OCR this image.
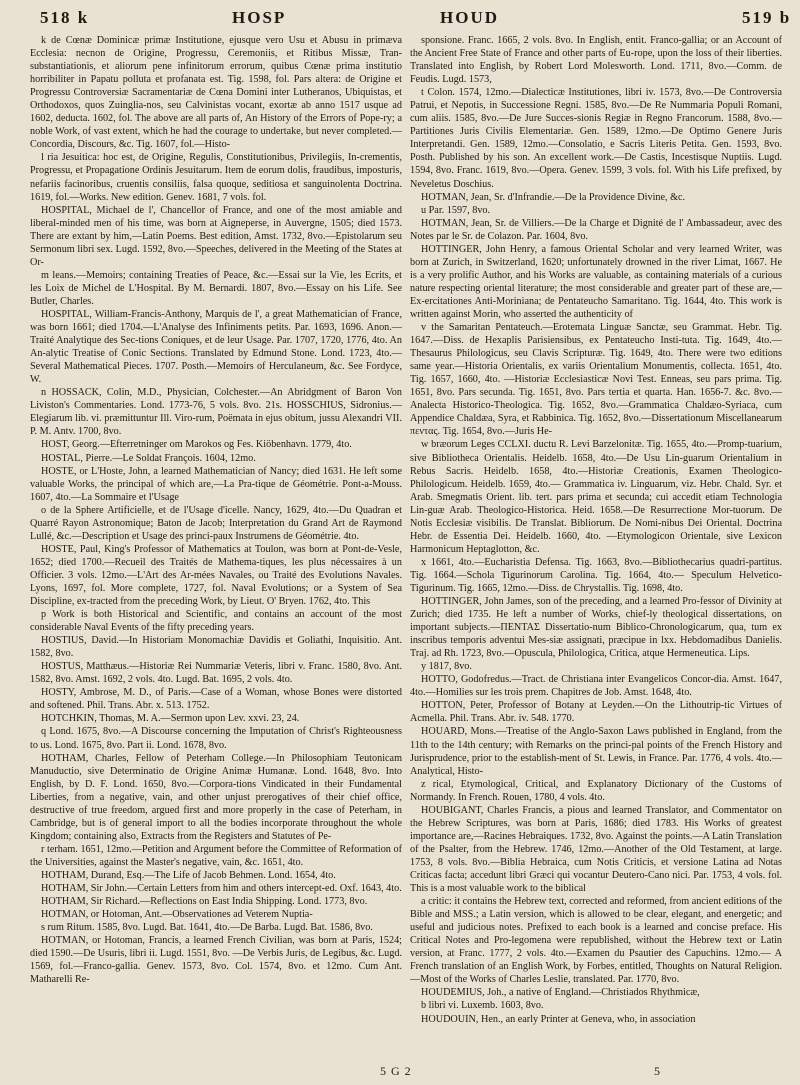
518 k	HOSP	HOUD	519 b

k de Cœnæ Dominicæ primæ Institutione, ejusque vero Usu et Abusu in primæva Ecclesia: necnon de Origine, Progressu, Ceremoniis, et Ritibus Missæ, Tran-substantiationis, et aliorum pene infinitorum errorum, quibus Cœnæ prima institutio horribiliter in Papatu polluta et profanata est. Tig. 1598, fol. Pars altera: de Origine et Progressu Controversiæ Sacramentariæ de Cœna Domini inter Lutheranos, Ubiquistas, et Orthodoxos, quos Zuinglia-nos, seu Calvinistas vocant, exortæ ab anno 1517 usque ad 1602, deducta. 1602, fol. The above are all parts of, An History of the Errors of Pope-ry; a noble Work, of vast extent, which he had the courage to undertake, but never completed.—Concordia, Discours, &c. Tig. 1607, fol.—Histo-

l ria Jesuitica: hoc est, de Origine, Regulis, Constitutionibus, Privilegiis, In-crementis, Progressu, et Propagatione Ordinis Jesuitarum. Item de eorum dolis, fraudibus, imposturis, nefariis facinoribus, cruentis consiliis, falsa quoque, seditiosa et sanguinolenta Doctrina. 1619, fol.—Works. New edition. Genev. 1681, 7 vols. fol.

HOSPITAL, Michael de l', Chancellor of France, and one of the most amiable and liberal-minded men of his time, was born at Aigneperse, in Auvergne, 1505; died 1573. There are extant by him,—Latin Poems. Best edition, Amst. 1732, 8vo.—Epistolarum seu Sermonum libri sex. Lugd. 1592, 8vo.—Speeches, delivered in the Meeting of the States at Or-

m leans.—Memoirs; containing Treaties of Peace, &c.—Essai sur la Vie, les Ecrits, et les Loix de Michel de L'Hospital. By M. Bernardi. 1807, 8vo.—Essay on his Life. See Butler, Charles.

HOSPITAL, William-Francis-Anthony, Marquis de l', a great Mathematician of France, was born 1661; died 1704.—L'Analyse des Infiniments petits. Par. 1693, 1696. Anon.—Traité Analytique des Sec-tions Coniques, et de leur Usage. Par. 1707, 1720, 1776, 4to. An An-alytic Treatise of Conic Sections. Translated by Edmund Stone. Lond. 1723, 4to.—Several Mathematical Pieces. 1707. Posth.—Memoirs of Herculaneum, &c. See Fordyce, W.

n HOSSACK, Colin, M.D., Physician, Colchester.—An Abridgment of Baron Von Liviston's Commentaries. Lond. 1773-76, 5 vols. 8vo. 21s. HOSSCHIUS, Sidronius.—Elegiarum lib. vi. præmittuntur Ill. Viro-rum, Poëmata in ejus obitum, jussu Alexandri VII. P. M. Antv. 1700, 8vo.

HOST, Georg.—Efterretninger om Marokos og Fes. Kiöbenhavn. 1779, 4to.

HOSTAL, Pierre.—Le Soldat François. 1604, 12mo.

HOSTE, or L'Hoste, John, a learned Mathematician of Nancy; died 1631. He left some valuable Works, the principal of which are,—La Pra-tique de Géométrie. Pont-a-Mouss. 1607, 4to.—La Sommaire et l'Usage

o de la Sphere Artificielle, et de l'Usage d'icelle. Nancy, 1629, 4to.—Du Quadran et Quarré Rayon Astronomique; Baton de Jacob; Interpretation du Grand Art de Raymond Lullé, &c.—Description et Usage des princi-paux Instrumens de Géométrie. 4to.

HOSTE, Paul, King's Professor of Mathematics at Toulon, was born at Pont-de-Vesle, 1652; died 1700.—Recueil des Traités de Mathema-tiques, les plus nécessaires à un Officier. 3 vols. 12mo.—L'Art des Ar-mées Navales, ou Traité des Evolutions Navales. Lyons, 1697, fol. More complete, 1727, fol. Naval Evolutions; or a System of Sea Discipline, ex-tracted from the preceding Work, by Lieut. O' Bryen. 1762, 4to. This

p Work is both Historical and Scientific, and contains an account of the most considerable Naval Events of the fifty preceding years.

HOSTIUS, David.—In Historiam Monomachiæ Davidis et Goliathi, Inquisitio. Ant. 1582, 8vo.

HOSTUS, Matthæus.—Historiæ Rei Nummariæ Veteris, libri v. Franc. 1580, 8vo. Ant. 1582, 8vo. Amst. 1692, 2 vols. 4to. Lugd. Bat. 1695, 2 vols. 4to.

HOSTY, Ambrose, M. D., of Paris.—Case of a Woman, whose Bones were distorted and softened. Phil. Trans. Abr. x. 513. 1752.

HOTCHKIN, Thomas, M. A.—Sermon upon Lev. xxvi. 23, 24.

q Lond. 1675, 8vo.—A Discourse concerning the Imputation of Christ's Righteousness to us. Lond. 1675, 8vo. Part ii. Lond. 1678, 8vo.

HOTHAM, Charles, Fellow of Peterham College.—In Philosophiam Teutonicam Manuductio, sive Determinatio de Origine Animæ Humanæ. Lond. 1648, 8vo. Into English, by D. F. Lond. 1650, 8vo.—Corpora-tions Vindicated in their Fundamental Liberties, from a negative, vain, and other unjust prerogatives of their chief office, destructive of true freedom, argued first and more properly in the case of Peterham, in Cambridge, but is of general import to all the bodies incorporate throughout the whole Kingdom; containing also, Extracts from the Registers and Statutes of Pe-

r terham. 1651, 12mo.—Petition and Argument before the Committee of Reformation of the Universities, against the Master's negative, vain, &c. 1651, 4to.

HOTHAM, Durand, Esq.—The Life of Jacob Behmen. Lond. 1654, 4to.

HOTHAM, Sir John.—Certain Letters from him and others intercept-ed. Oxf. 1643, 4to.

HOTHAM, Sir Richard.—Reflections on East India Shipping. Lond. 1773, 8vo.

HOTMAN, or Hotoman, Ant.—Observationes ad Veterem Nuptia-

s rum Ritum. 1585, 8vo. Lugd. Bat. 1641, 4to.—De Barba. Lugd. Bat. 1586, 8vo.

HOTMAN, or Hotoman, Francis, a learned French Civilian, was born at Paris, 1524; died 1590.—De Usuris, libri ii. Lugd. 1551, 8vo. —De Verbis Juris, de Legibus, &c. Lugd. 1569, fol.—Franco-gallia. Genev. 1573, 8vo. Col. 1574, 8vo. et 12mo. Cum Ant. Matharelli Re-

sponsione. Franc. 1665, 2 vols. 8vo. In English, entit. Franco-gallia; or an Account of the Ancient Free State of France and other parts of Eu-rope, upon the loss of their liberties. Translated into English, by Robert Lord Molesworth. Lond. 1711, 8vo.—Comm. de Feudis. Lugd. 1573,

t Colon. 1574, 12mo.—Dialecticæ Institutiones, libri iv. 1573, 8vo.—De Controversia Patrui, et Nepotis, in Successione Regni. 1585, 8vo.—De Re Nummaria Populi Romani, cum aliis. 1585, 8vo.—De Jure Succes-sionis Regiæ in Regno Francorum. 1588, 8vo.—Partitiones Juris Civilis Elementariæ. Gen. 1589, 12mo.—De Optimo Genere Juris Interpretandi. Gen. 1589, 12mo.—Consolatio, e Sacris Literis Petita. Gen. 1593, 8vo. Posth. Published by his son. An excellent work.—De Castis, Incestisque Nuptiis. Lugd. 1594, 8vo. Franc. 1619, 8vo.—Opera. Genev. 1599, 3 vols. fol. With his Life prefixed, by Neveletus Doschius.

HOTMAN, Jean, Sr. d'Infrandie.—De la Providence Divine, &c.

u Par. 1597, 8vo.

HOTMAN, Jean, Sr. de Villiers.—De la Charge et Dignité de l' Ambassadeur, avec des Notes par le Sr. de Colazon. Par. 1604, 8vo.

HOTTINGER, John Henry, a famous Oriental Scholar and very learned Writer, was born at Zurich, in Switzerland, 1620; unfortunately drowned in the river Limat, 1667. He is a very prolific Author, and his Works are valuable, as containing materials of a curious nature respecting oriental literature; the most considerable and greater part of these are,—Ex-ercitationes Anti-Moriniana; de Pentateucho Samaritano. Tig. 1644, 4to. This work is written against Morin, who asserted the authenticity of

v the Samaritan Pentateuch.—Erotemata Linguæ Sanctæ, seu Grammat. Hebr. Tig. 1647.—Diss. de Hexaplis Parisiensibus, ex Pentateucho Insti-tuta. Tig. 1649, 4to.—Thesaurus Philologicus, seu Clavis Scripturæ. Tig. 1649, 4to. There were two editions same year.—Historia Orientalis, ex variis Orientalium Monumentis, collecta. 1651, 4to. Tig. 1657, 1660, 4to. —Historiæ Ecclesiasticæ Novi Test. Enneas, seu pars prima. Tig. 1651, 8vo. Pars secunda. Tig. 1651, 8vo. Pars tertia et quarta. Han. 1656-7. &c. 8vo.—Analecta Historico-Theologica. Tig. 1652, 8vo.—Grammatica Chaldæo-Syriaca, cum Appendice Chaldæa, Syra, et Rabbinica. Tig. 1652, 8vo.—Dissertationum Miscellanearum πεντας. Tig. 1654, 8vo.—Juris He-

w bræorum Leges CCLXI. ductu R. Levi Barzelonitæ. Tig. 1655, 4to.—Promp-tuarium, sive Bibliotheca Orientalis. Heidelb. 1658, 4to.—De Usu Lin-guarum Orientalium in Rebus Sacris. Heidelb. 1658, 4to.—Historiæ Creationis, Examen Theologico-Philologicum. Heidelb. 1659, 4to.— Grammatica iv. Linguarum, viz. Hebr. Chald. Syr. et Arab. Smegmatis Orient. lib. tert. pars prima et secunda; cui accedit etiam Technologia Lin-guæ Arab. Theologico-Historica. Heid. 1658.—De Resurrectione Mor-tuorum. De Notis Ecclesiæ visibilis. De Translat. Bibliorum. De Nomi-nibus Dei Oriental. Doctrina Hebr. de Essentia Dei. Heidelb. 1660, 4to. —Etymologicon Orientale, sive Lexicon Harmonicum Heptaglotton, &c.

x 1661, 4to.—Eucharistia Defensa. Tig. 1663, 8vo.—Bibliothecarius quadri-partitus. Tig. 1664.—Schola Tigurinorum Carolina. Tig. 1664, 4to.— Speculum Helvetico-Tigurinum. Tig. 1665, 12mo.—Diss. de Chrystallis. Tig. 1698, 4to.

HOTTINGER, John James, son of the preceding, and a learned Pro-fessor of Divinity at Zurich; died 1735. He left a number of Works, chief-ly theological dissertations, on important subjects.—ΠΕΝΤΑΣ Dissertatio-num Biblico-Chronologicarum, qua, tum ex inscribus temporis adventui Mes-siæ assignati, præcipue in lxx. Hebdomadibus Danielis. Traj. ad Rh. 1723, 8vo.—Opuscula, Philologica, Critica, atque Hermeneutica. Lips.

y 1817, 8vo.

HOTTO, Godofredus.—Tract. de Christiana inter Evangelicos Concor-dia. Amst. 1647, 4to.—Homilies sur les trois prem. Chapitres de Job. Amst. 1648, 4to.

HOTTON, Peter, Professor of Botany at Leyden.—On the Lithoutrip-tic Virtues of Acmella. Phil. Trans. Abr. iv. 548. 1770.

HOUARD, Mons.—Treatise of the Anglo-Saxon Laws published in England, from the 11th to the 14th century; with Remarks on the princi-pal points of the French History and Jurisprudence, prior to the establish-ment of St. Lewis, in France. Par. 1776, 4 vols. 4to.—Analytical, Histo-

z rical, Etymological, Critical, and Explanatory Dictionary of the Customs of Normandy. In French. Rouen, 1780, 4 vols. 4to.

HOUBIGANT, Charles Francis, a pious and learned Translator, and Commentator on the Hebrew Scriptures, was born at Paris, 1686; died 1783. His Works of greatest importance are,—Racines Hebraiques. 1732, 8vo. Against the points.—A Latin Translation of the Psalter, from the Hebrew. 1746, 12mo.—Another of the Old Testament, at large. 1753, 8 vols. 8vo.—Biblia Hebraica, cum Notis Criticis, et versione Latina ad Notas Criticas facta; accedunt libri Græci qui vocantur Deutero-Cano nici. Par. 1753, 4 vols. fol. This is a most valuable work to the biblical

a critic: it contains the Hebrew text, corrected and reformed, from ancient editions of the Bible and MSS.; a Latin version, which is allowed to be clear, elegant, and energetic; and useful and judicious notes. Prefixed to each book is a learned and concise preface. His Critical Notes and Pro-legomena were republished, without the Hebrew text or Latin version, at Franc. 1777, 2 vols. 4to.—Examen du Psautier des Capuchins. 12mo.— A French translation of an English Work, by Forbes, entitled, Thoughts on Natural Religion.—Most of the Works of Charles Leslie, translated. Par. 1770, 8vo.

HOUDEMIUS, Joh., a native of England.—Christiados Rhythmicæ,

b libri vi. Luxemb. 1603, 8vo.

HOUDOUIN, Hen., an early Printer at Geneva, who, in association

5 G 2	5
